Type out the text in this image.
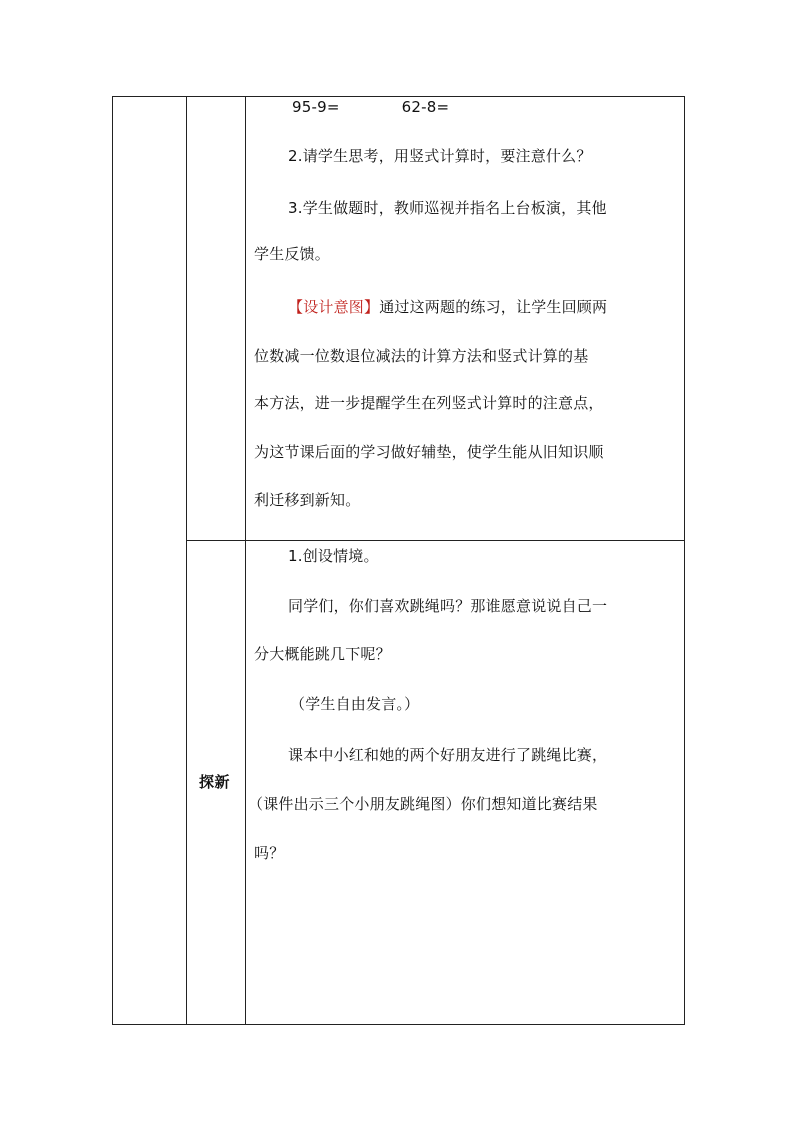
95-9=	62-8=
2.请学生思考，用竖式计算时，要注意什么？
3.学生做题时，教师巡视并指名上台板演，其他
学生反馈。
【设计意图】通过这两题的练习，让学生回顾两
位数减一位数退位减法的计算方法和竖式计算的基
本方法，进一步提醒学生在列竖式计算时的注意点，
为这节课后面的学习做好辅垫，使学生能从旧知识顺
利迁移到新知。
探新
1.创设情境。
同学们，你们喜欢跳绳吗？那谁愿意说说自己一
分大概能跳几下呢？
（学生自由发言。）
课本中小红和她的两个好朋友进行了跳绳比赛，
（课件出示三个小朋友跳绳图）你们想知道比赛结果
吗？
